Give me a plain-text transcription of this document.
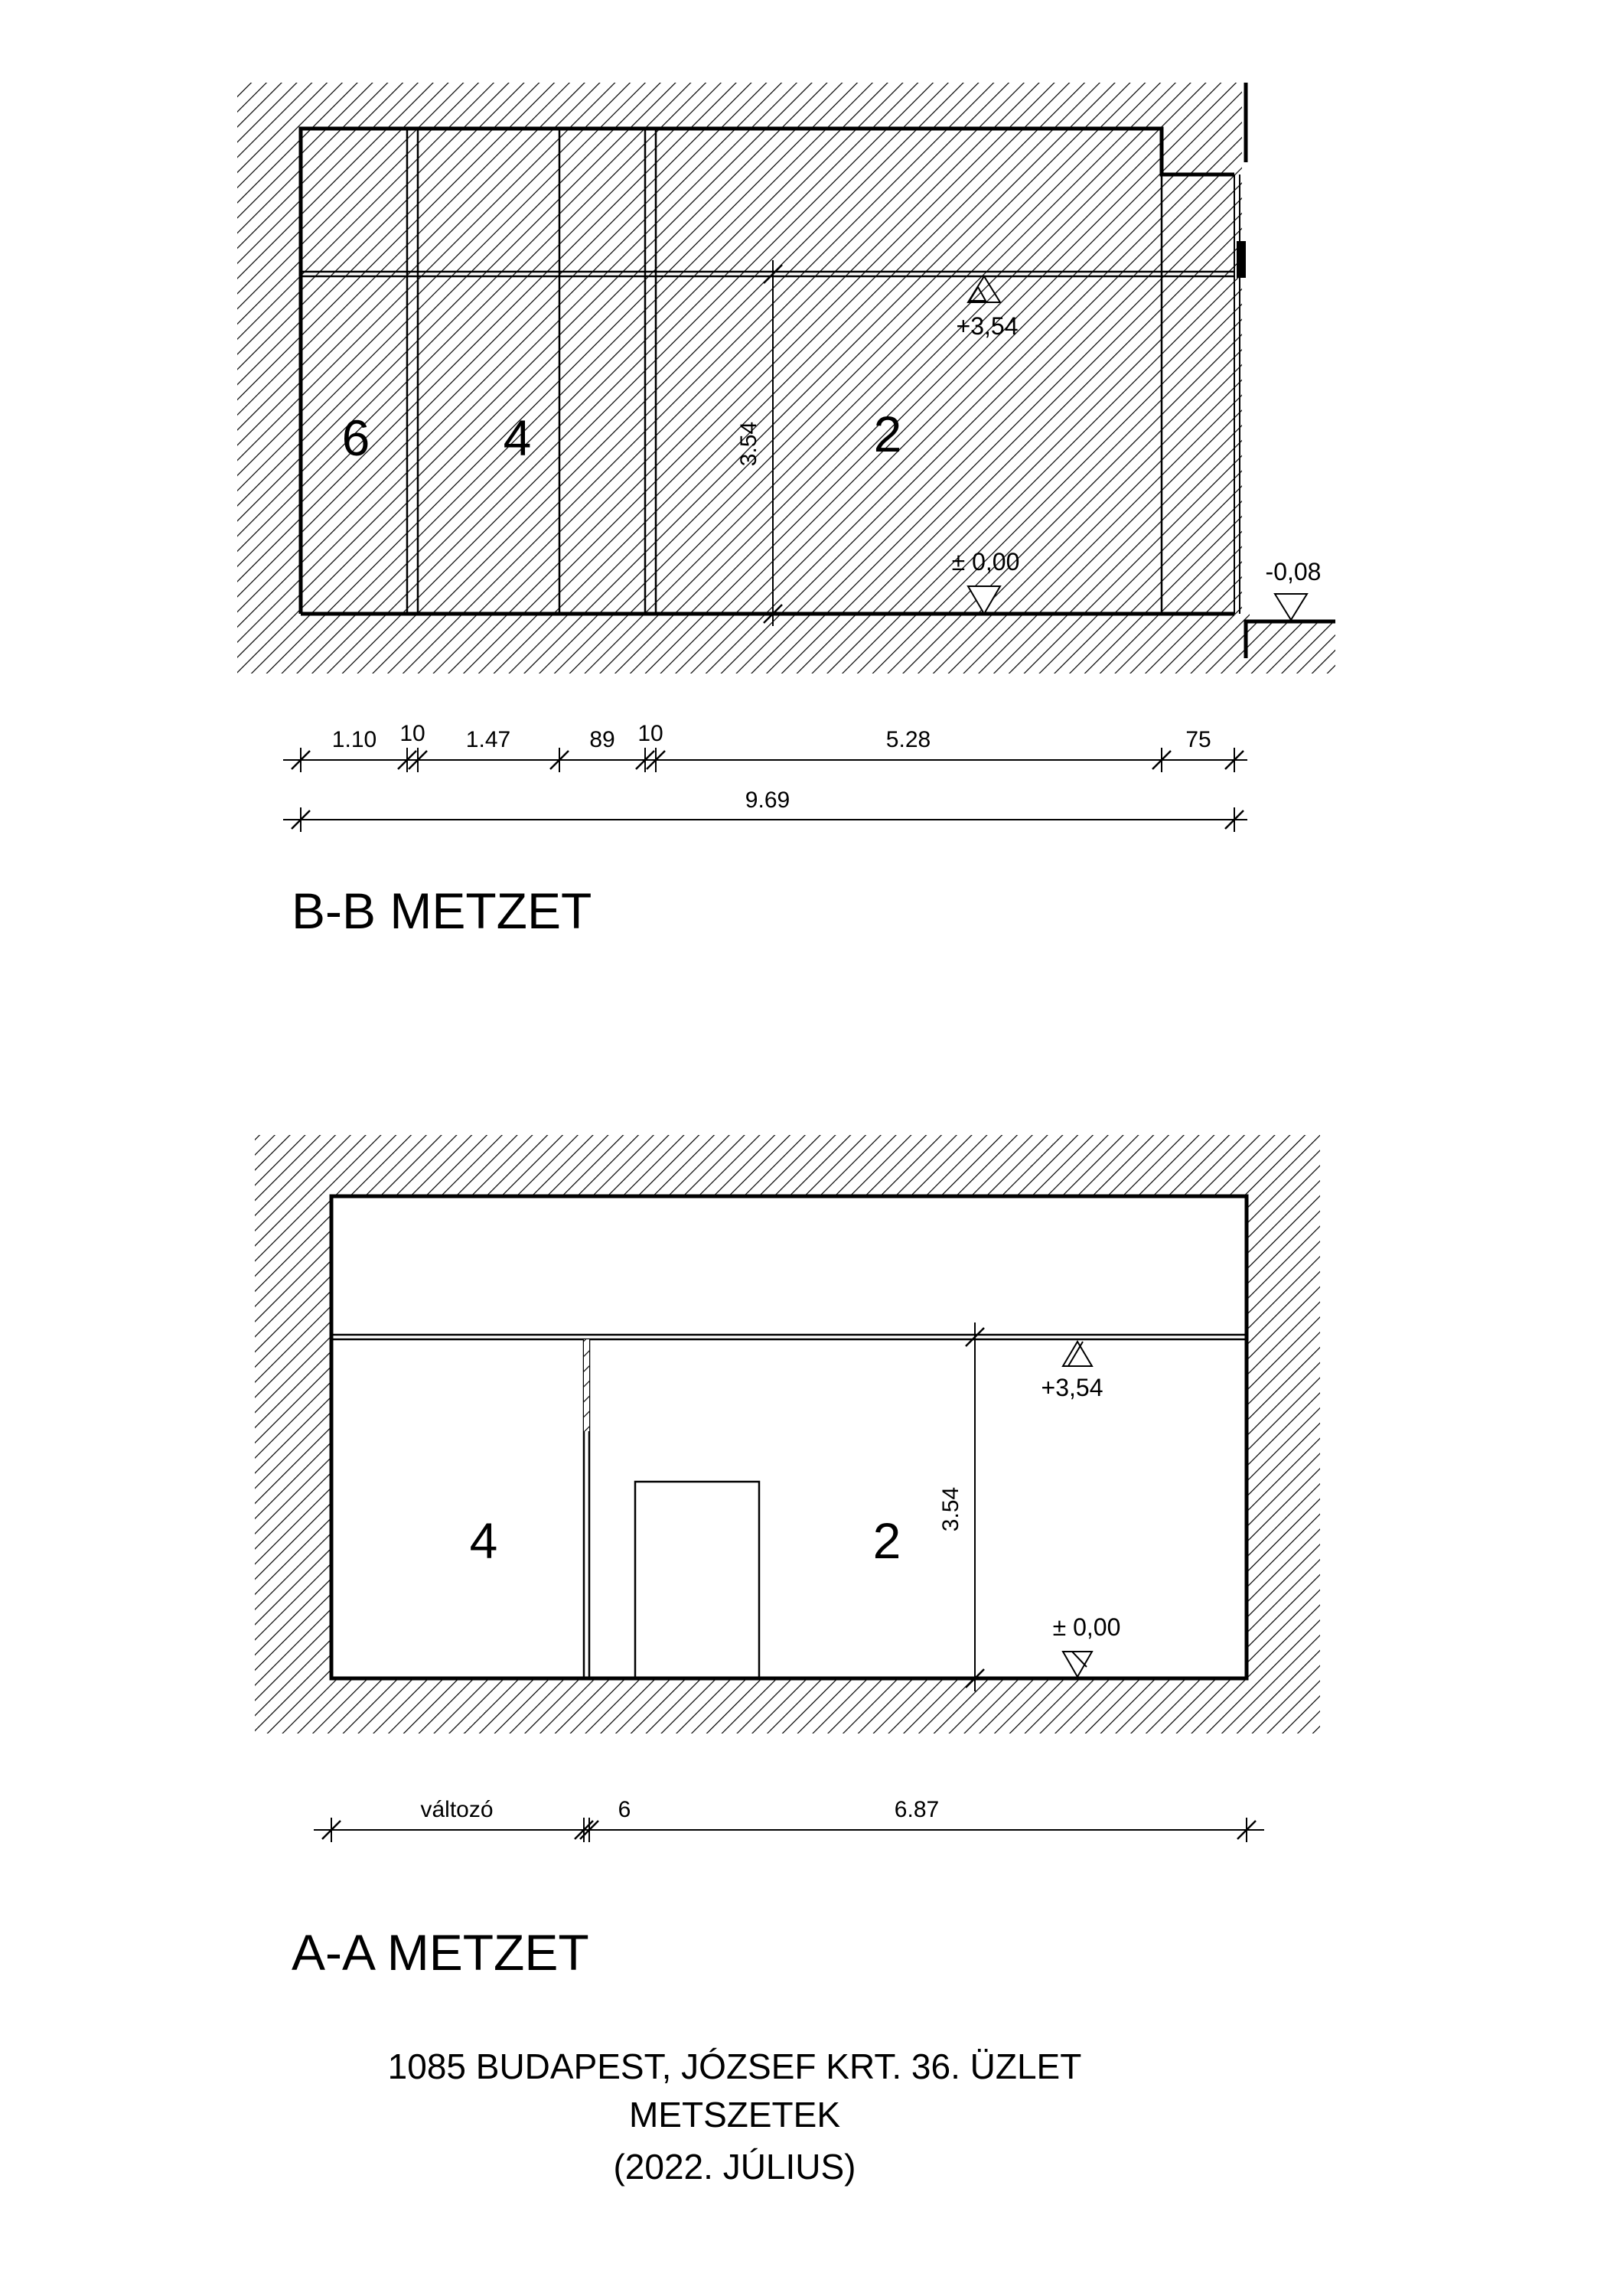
3.54
+3,54
± 0,00	-0,08
6	4	2
1.10 10 1.47	89 10	5.28	75
9.69
B-B METZET
3.54
+3,54
± 0,00
4	2
változó	6	6.87
A-A METZET
1085 BUDAPEST, JÓZSEF KRT. 36. ÜZLET
METSZETEK
(2022. JÚLIUS)
